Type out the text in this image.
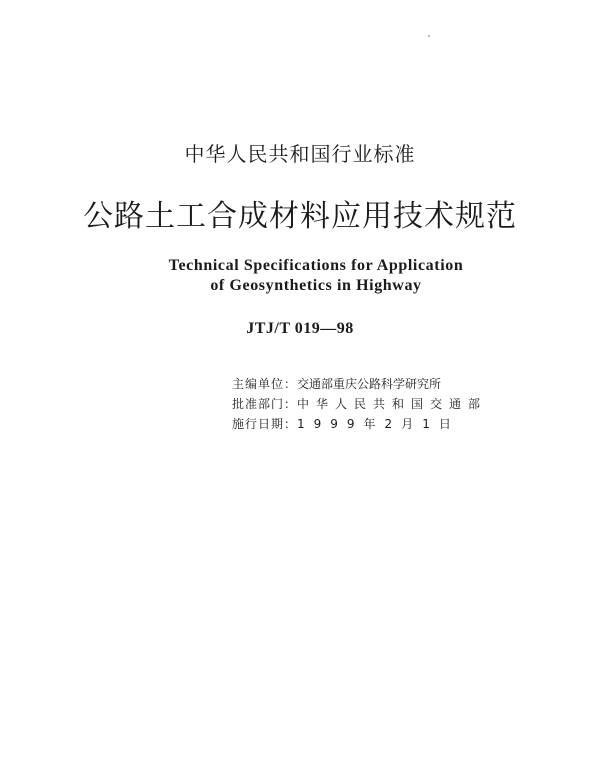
中华人民共和国行业标准
公路土工合成材料应用技术规范
Technical Specifications for Application
of Geosynthetics in Highway
JTJ/T 019—98
主编单位： 交通部重庆公路科学研究所
批准部门： 中华人民共和国交通部
施行日期： 1999年2月1日
